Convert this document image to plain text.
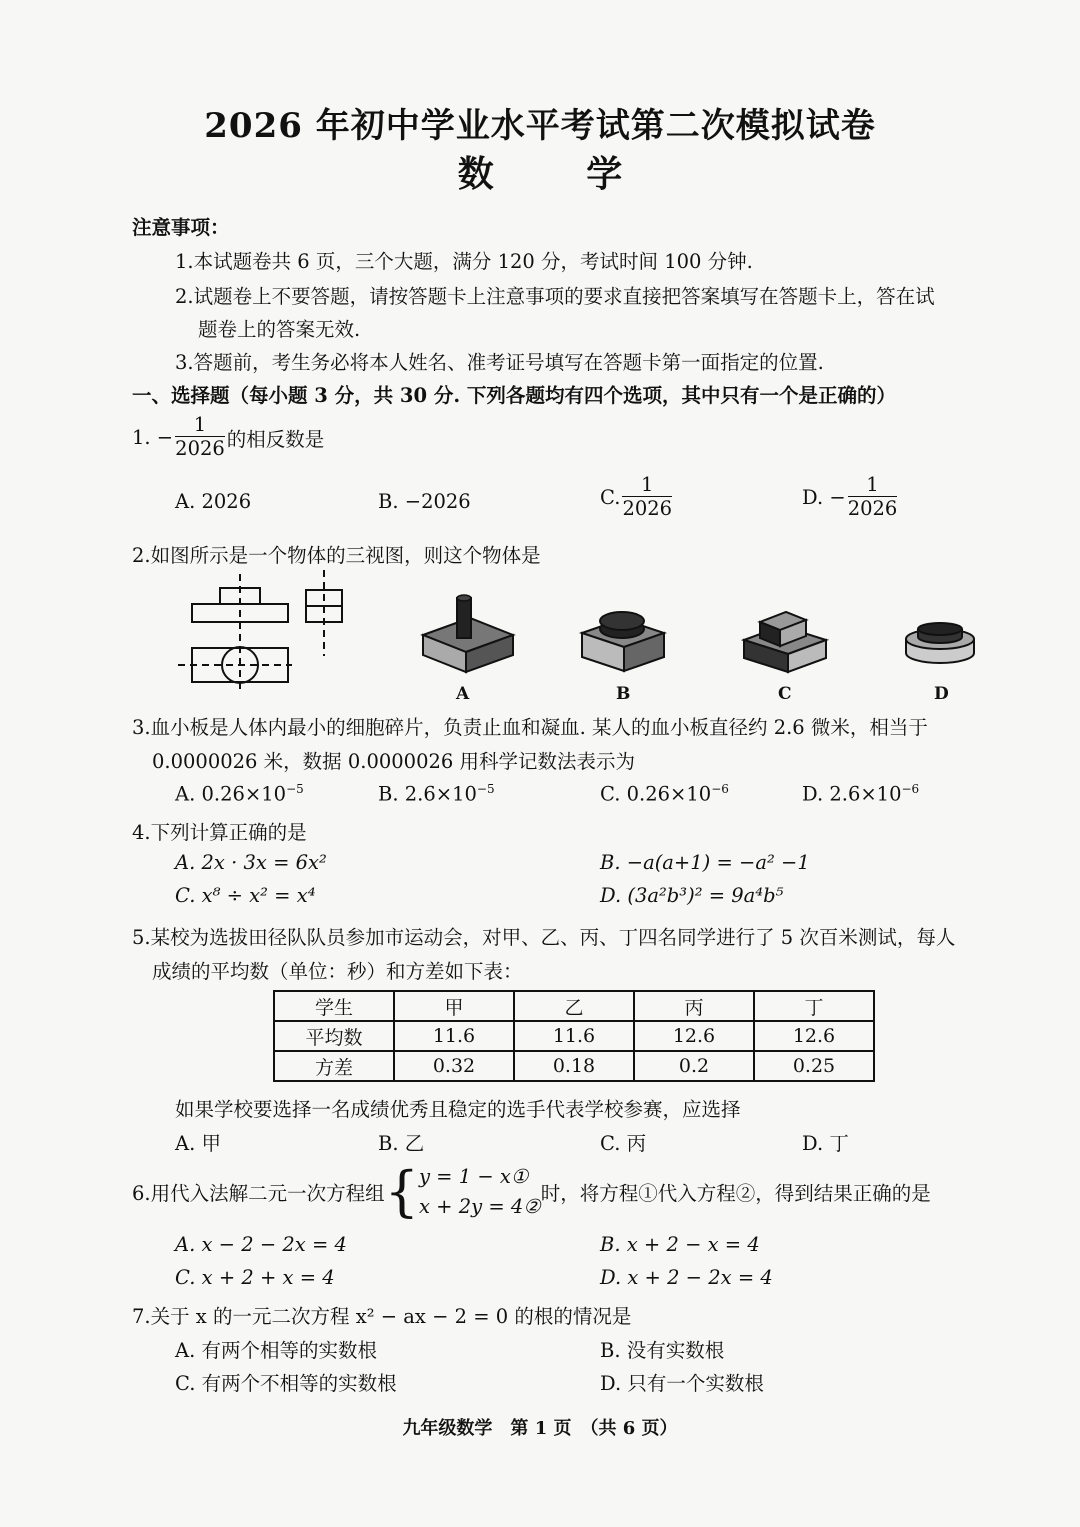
2026 年初中学业水平考试第二次模拟试卷
数 学
注意事项：
1.本试题卷共 6 页，三个大题，满分 120 分，考试时间 100 分钟.
2.试题卷上不要答题，请按答题卡上注意事项的要求直接把答案填写在答题卡上，答在试
题卷上的答案无效.
3.答题前，考生务必将本人姓名、准考证号填写在答题卡第一面指定的位置.
一、选择题（每小题 3 分，共 30 分. 下列各题均有四个选项，其中只有一个是正确的）
1. − $\frac{1}{2026}$ 的相反数是
A. 2026	B. −2026	C. $\frac{1}{2026}$	D. − $\frac{1}{2026}$
2.如图所示是一个物体的三视图，则这个物体是
A	B	C	D
3.血小板是人体内最小的细胞碎片，负责止血和凝血. 某人的血小板直径约 2.6 微米，相当于
0.0000026 米，数据 0.0000026 用科学记数法表示为
A. $0.26\times 10^{-5}$	B. $2.6\times 10^{-5}$	C. $0.26\times 10^{-6}$	D. $2.6\times 10^{-6}$
4.下列计算正确的是
A. 2x · 3x = 6x²	B. −a(a+1) = −a² −1
C. x⁸ ÷ x² = x⁴	D. (3a²b³)² = 9a⁴b⁵
5.某校为选拔田径队队员参加市运动会，对甲、乙、丙、丁四名同学进行了 5 次百米测试，每人
成绩的平均数（单位：秒）和方差如下表：
学生	甲	乙	丙	丁
平均数	11.6	11.6	12.6	12.6
方差	0.32	0.18	0.2	0.25
如果学校要选择一名成绩优秀且稳定的选手代表学校参赛，应选择
A. 甲	B. 乙	C. 丙	D. 丁
6.用代入法解二元一次方程组{ y = 1 − x①
x + 2y = 4②
时，将方程①代入方程②，得到结果正确的是
A. x − 2 − 2x = 4	B. x + 2 − x = 4
C. x + 2 + x = 4	D. x + 2 − 2x = 4
7.关于 x 的一元二次方程 x² − ax − 2 = 0 的根的情况是
A. 有两个相等的实数根	B. 没有实数根
C. 有两个不相等的实数根	D. 只有一个实数根
九年级数学　第 1 页　（共 6 页）
